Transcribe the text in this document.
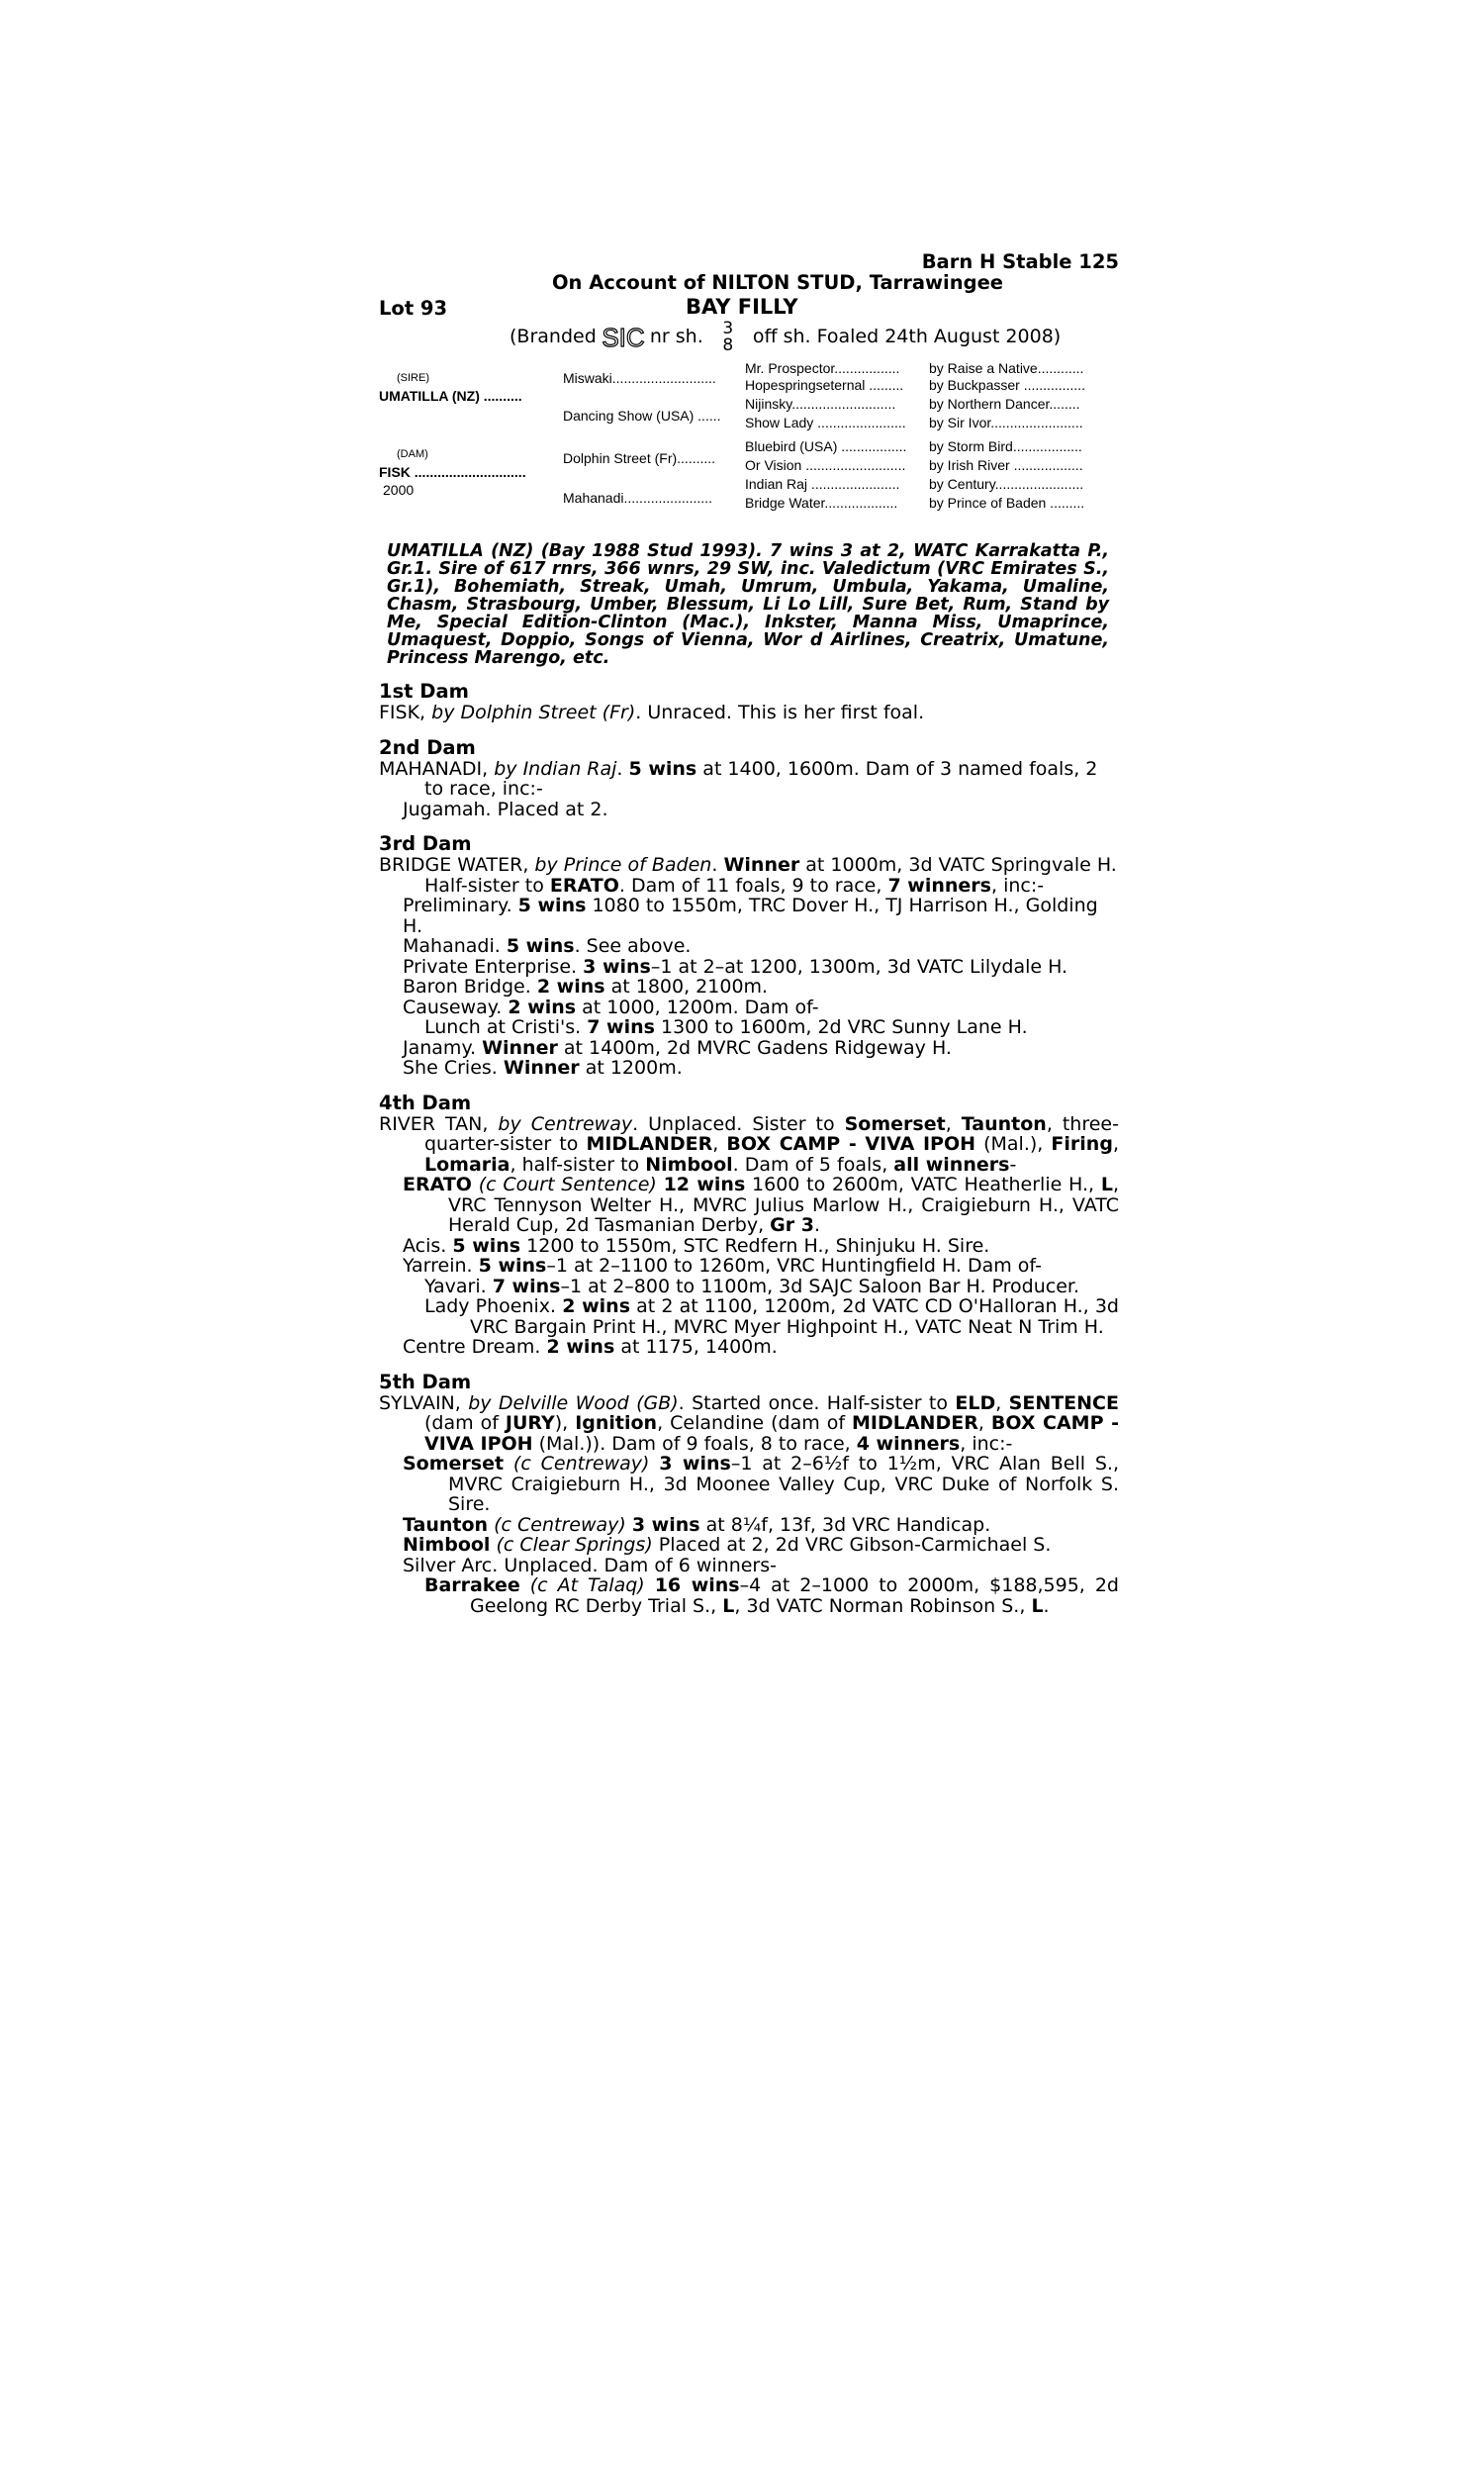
Barn H Stable 125
On Account of NILTON STUD, Tarrawingee
Lot 93	BAY FILLY
(Branded SIC nr sh. 3
8 off sh. Foaled 24th August 2008)
(SIRE)
UMATILLA (NZ) ..........
(DAM)
FISK .............................
2000
Miswaki...........................
Dancing Show (USA) ......
Dolphin Street (Fr)..........
Mahanadi.......................
Mr. Prospector.................
Hopespringseternal .........
Nijinsky...........................
Show Lady .......................
Bluebird (USA) .................
Or Vision ..........................
Indian Raj .......................
Bridge Water...................
by Raise a Native............
by Buckpasser ................
by Northern Dancer........
by Sir Ivor........................
by Storm Bird..................
by Irish River ..................
by Century.......................
by Prince of Baden .........
UMATILLA (NZ) (Bay 1988 Stud 1993). 7 wins 3 at 2, WATC Karrakatta P., Gr.1. Sire of 617 rnrs, 366 wnrs, 29 SW, inc. Valedictum (VRC Emirates S., Gr.1), Bohemiath, Streak, Umah, Umrum, Umbula, Yakama, Umaline, Chasm, Strasbourg, Umber, Blessum, Li Lo Lill, Sure Bet, Rum, Stand by Me, Special Edition-Clinton (Mac.), Inkster, Manna Miss, Umaprince, Umaquest, Doppio, Songs of Vienna, Wor d Airlines, Creatrix, Umatune, Princess Marengo, etc.
1st Dam
FISK, by Dolphin Street (Fr). Unraced. This is her first foal.
2nd Dam
MAHANADI, by Indian Raj. 5 wins at 1400, 1600m. Dam of 3 named foals, 2 to race, inc:-
Jugamah. Placed at 2.
3rd Dam
BRIDGE WATER, by Prince of Baden. Winner at 1000m, 3d VATC Springvale H. Half-sister to ERATO. Dam of 11 foals, 9 to race, 7 winners, inc:-
Preliminary. 5 wins 1080 to 1550m, TRC Dover H., TJ Harrison H., Golding H.
Mahanadi. 5 wins. See above.
Private Enterprise. 3 wins–1 at 2–at 1200, 1300m, 3d VATC Lilydale H.
Baron Bridge. 2 wins at 1800, 2100m.
Causeway. 2 wins at 1000, 1200m. Dam of-
Lunch at Cristi's. 7 wins 1300 to 1600m, 2d VRC Sunny Lane H.
Janamy. Winner at 1400m, 2d MVRC Gadens Ridgeway H.
She Cries. Winner at 1200m.
4th Dam
RIVER TAN, by Centreway. Unplaced. Sister to Somerset, Taunton, three-quarter-sister to MIDLANDER, BOX CAMP - VIVA IPOH (Mal.), Firing, Lomaria, half-sister to Nimbool. Dam of 5 foals, all winners-
ERATO (c Court Sentence) 12 wins 1600 to 2600m, VATC Heatherlie H., L, VRC Tennyson Welter H., MVRC Julius Marlow H., Craigieburn H., VATC Herald Cup, 2d Tasmanian Derby, Gr 3.
Acis. 5 wins 1200 to 1550m, STC Redfern H., Shinjuku H. Sire.
Yarrein. 5 wins–1 at 2–1100 to 1260m, VRC Huntingfield H. Dam of-
Yavari. 7 wins–1 at 2–800 to 1100m, 3d SAJC Saloon Bar H. Producer.
Lady Phoenix. 2 wins at 2 at 1100, 1200m, 2d VATC CD O'Halloran H., 3d VRC Bargain Print H., MVRC Myer Highpoint H., VATC Neat N Trim H.
Centre Dream. 2 wins at 1175, 1400m.
5th Dam
SYLVAIN, by Delville Wood (GB). Started once. Half-sister to ELD, SENTENCE (dam of JURY), Ignition, Celandine (dam of MIDLANDER, BOX CAMP - VIVA IPOH (Mal.)). Dam of 9 foals, 8 to race, 4 winners, inc:-
Somerset (c Centreway) 3 wins–1 at 2–6½f to 1½m, VRC Alan Bell S., MVRC Craigieburn H., 3d Moonee Valley Cup, VRC Duke of Norfolk S. Sire.
Taunton (c Centreway) 3 wins at 8¼f, 13f, 3d VRC Handicap.
Nimbool (c Clear Springs) Placed at 2, 2d VRC Gibson-Carmichael S.
Silver Arc. Unplaced. Dam of 6 winners-
Barrakee (c At Talaq) 16 wins–4 at 2–1000 to 2000m, $188,595, 2d Geelong RC Derby Trial S., L, 3d VATC Norman Robinson S., L.
